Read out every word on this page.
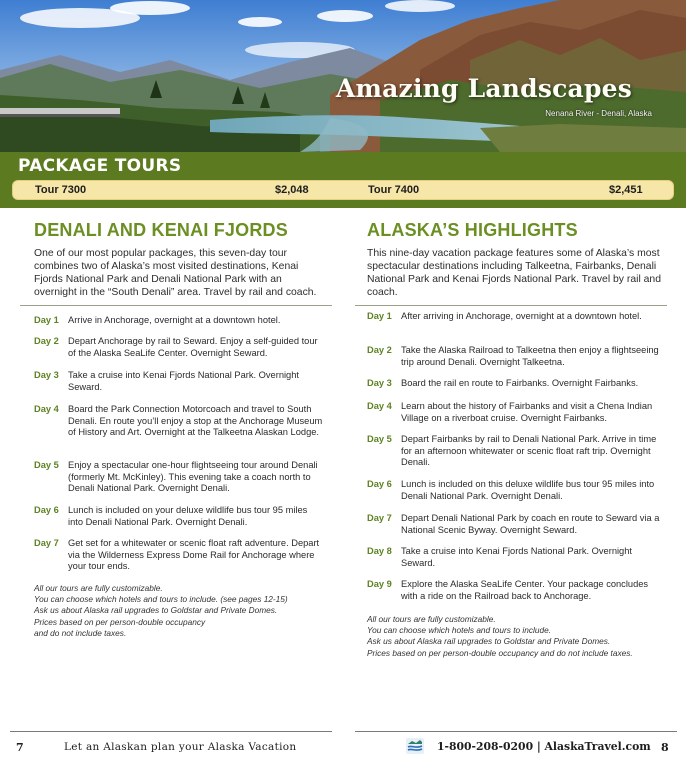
Amazing Landscapes
Nenana River - Denali, Alaska
PACKAGE TOURS
Tour 7300	$2,048	Tour 7400	$2,451
DENALI AND KENAI FJORDS

One of our most popular packages, this seven-day tour combines two of Alaska’s most visited destinations, Kenai Fjords National Park and Denali National Park with an overnight in the “South Denali” area. Travel by rail and coach.

Day 1 Arrive in Anchorage, overnight at a downtown hotel.
Day 2 Depart Anchorage by rail to Seward. Enjoy a self-guided tour of the Alaska SeaLife Center. Overnight Seward.
Day 3 Take a cruise into Kenai Fjords National Park. Overnight Seward.
Day 4 Board the Park Connection Motorcoach and travel to South Denali. En route you’ll enjoy a stop at the Anchorage Museum of History and Art. Overnight at the Talkeetna Alaskan Lodge.
Day 5 Enjoy a spectacular one-hour flightseeing tour around Denali (formerly Mt. McKinley). This evening take a coach north to Denali National Park. Overnight Denali.
Day 6 Lunch is included on your deluxe wildlife bus tour 95 miles into Denali National Park. Overnight Denali.
Day 7 Get set for a whitewater or scenic float raft adventure. Depart via the Wilderness Express Dome Rail for Anchorage where your tour ends.
All our tours are fully customizable.
You can choose which hotels and tours to include. (see pages 12-15)
Ask us about Alaska rail upgrades to Goldstar and Private Domes.
Prices based on per person-double occupancy
and do not include taxes.
ALASKA’S HIGHLIGHTS

This nine-day vacation package features some of Alaska’s most spectacular destinations including Talkeetna, Fairbanks, Denali National Park and Kenai Fjords National Park. Travel by rail and coach.

Day 1 After arriving in Anchorage, overnight at a downtown hotel.
Day 2 Take the Alaska Railroad to Talkeetna then enjoy a flightseeing trip around Denali. Overnight Talkeetna.
Day 3 Board the rail en route to Fairbanks. Overnight Fairbanks.
Day 4 Learn about the history of Fairbanks and visit a Chena Indian Village on a riverboat cruise. Overnight Fairbanks.
Day 5 Depart Fairbanks by rail to Denali National Park. Arrive in time for an afternoon whitewater or scenic float raft trip. Overnight Denali.
Day 6 Lunch is included on this deluxe wildlife bus tour 95 miles into Denali National Park. Overnight Denali.
Day 7 Depart Denali National Park by coach en route to Seward via a National Scenic Byway. Overnight Seward.
Day 8 Take a cruise into Kenai Fjords National Park. Overnight Seward.
Day 9 Explore the Alaska SeaLife Center. Your package concludes with a ride on the Railroad back to Anchorage.
All our tours are fully customizable.
You can choose which hotels and tours to include.
Ask us about Alaska rail upgrades to Goldstar and Private Domes.
Prices based on per person-double occupancy and do not include taxes.
7	Let an Alaskan plan your Alaska Vacation	1-800-208-0200 | AlaskaTravel.com 8
